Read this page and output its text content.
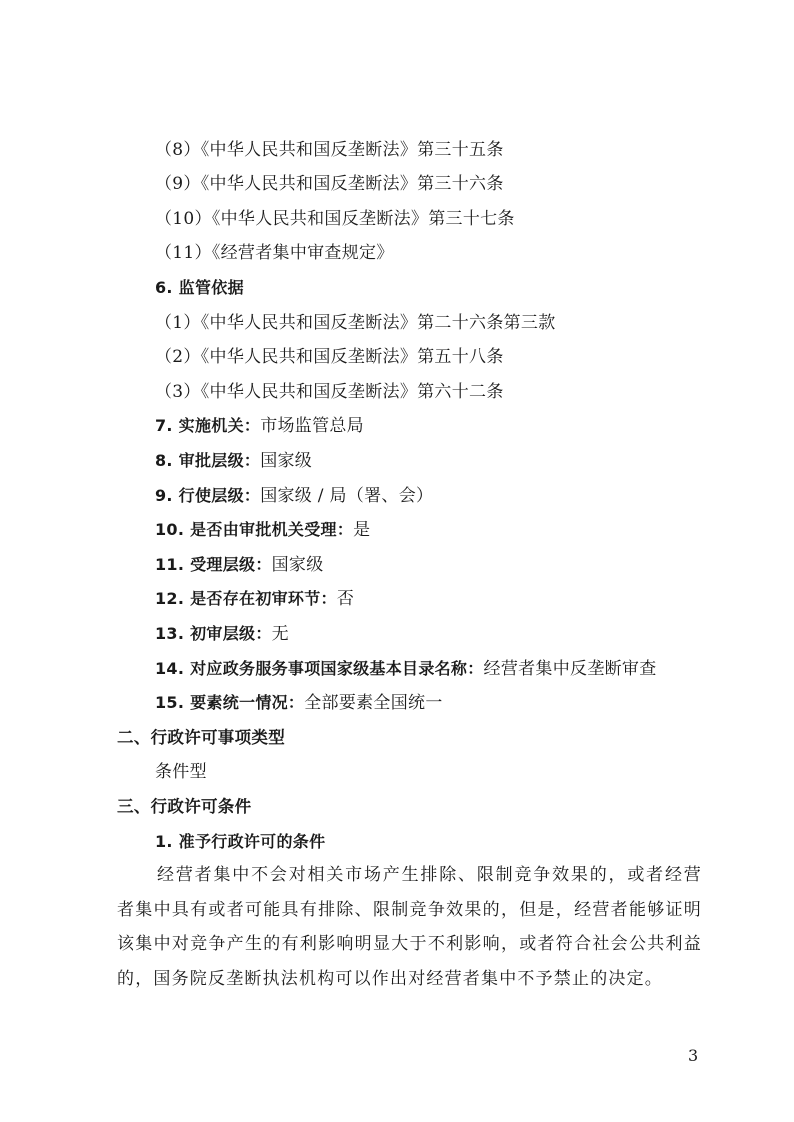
（8）《中华人民共和国反垄断法》第三十五条
（9）《中华人民共和国反垄断法》第三十六条
（10）《中华人民共和国反垄断法》第三十七条
（11）《经营者集中审查规定》
6. 监管依据
（1）《中华人民共和国反垄断法》第二十六条第三款
（2）《中华人民共和国反垄断法》第五十八条
（3）《中华人民共和国反垄断法》第六十二条
7. 实施机关：市场监管总局
8. 审批层级：国家级
9. 行使层级：国家级 / 局（署、会）
10. 是否由审批机关受理：是
11. 受理层级：国家级
12. 是否存在初审环节：否
13. 初审层级：无
14. 对应政务服务事项国家级基本目录名称：经营者集中反垄断审查
15. 要素统一情况：全部要素全国统一
二、行政许可事项类型
条件型
三、行政许可条件
1. 准予行政许可的条件
经营者集中不会对相关市场产生排除、限制竞争效果的，或者经营者集中具有或者可能具有排除、限制竞争效果的，但是，经营者能够证明该集中对竞争产生的有利影响明显大于不利影响，或者符合社会公共利益的，国务院反垄断执法机构可以作出对经营者集中不予禁止的决定。
3
